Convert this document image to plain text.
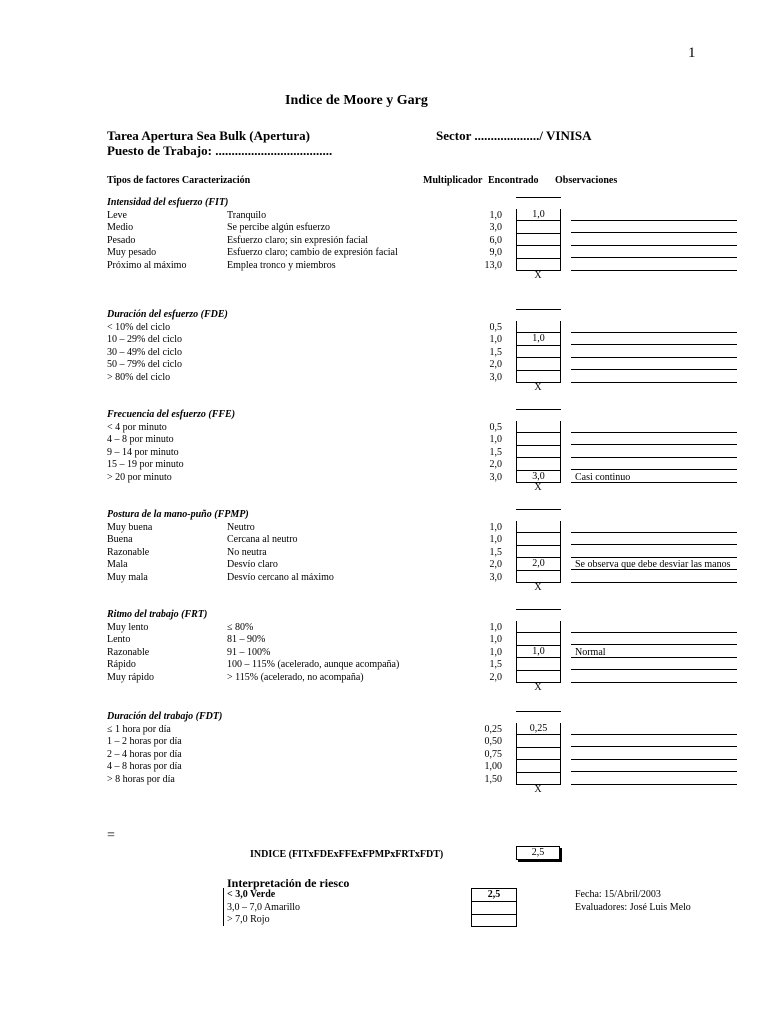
1
Indice de Moore y Garg
Tarea Apertura Sea Bulk (Apertura)	Sector ..................../ VINISA
Puesto de Trabajo: ....................................
Tipos de factores Caracterización	Multiplicador Encontrado Observaciones
Intensidad del esfuerzo (FIT)
Leve	Tranquilo	1,0	1,0
Medio	Se percibe algún esfuerzo	3,0
Pesado	Esfuerzo claro; sin expresión facial	6,0
Muy pesado	Esfuerzo claro; cambio de expresión facial	9,0
Próximo al máximo	Emplea tronco y miembros	13,0
X
Duración del esfuerzo (FDE)
< 10% del ciclo	0,5
10 – 29% del ciclo	1,0	1,0
30 – 49% del ciclo	1,5
50 – 79% del ciclo	2,0
> 80% del ciclo	3,0
X
Frecuencia del esfuerzo (FFE)
< 4 por minuto	0,5
4 – 8 por minuto	1,0
9 – 14 por minuto	1,5
15 – 19 por minuto	2,0
> 20 por minuto	3,0	3,0	Casi continuo
X
Postura de la mano-puño (FPMP)
Muy buena	Neutro	1,0
Buena	Cercana al neutro	1,0
Razonable	No neutra	1,5
Mala	Desvío claro	2,0	2,0	Se observa que debe desviar las manos
Muy mala	Desvío cercano al máximo	3,0
X
Ritmo del trabajo (FRT)
Muy lento	≤ 80%	1,0
Lento	81 – 90%	1,0
Razonable	91 – 100%	1,0	1,0	Normal
Rápido	100 – 115% (acelerado, aunque acompaña)	1,5
Muy rápido	> 115% (acelerado, no acompaña)	2,0
X
Duración del trabajo (FDT)
≤ 1 hora por día	0,25	0,25
1 – 2 horas por día	0,50
2 – 4 horas por día	0,75
4 – 8 horas por día	1,00
> 8 horas por día	1,50
X
=
INDICE (FITxFDExFFExFPMPxFRTxFDT)	2,5
Interpretación de riesco
< 3,0 Verde
3,0 – 7,0 Amarillo
> 7,0 Rojo
2,5	Fecha: 15/Abril/2003
Evaluadores: José Luis Melo
